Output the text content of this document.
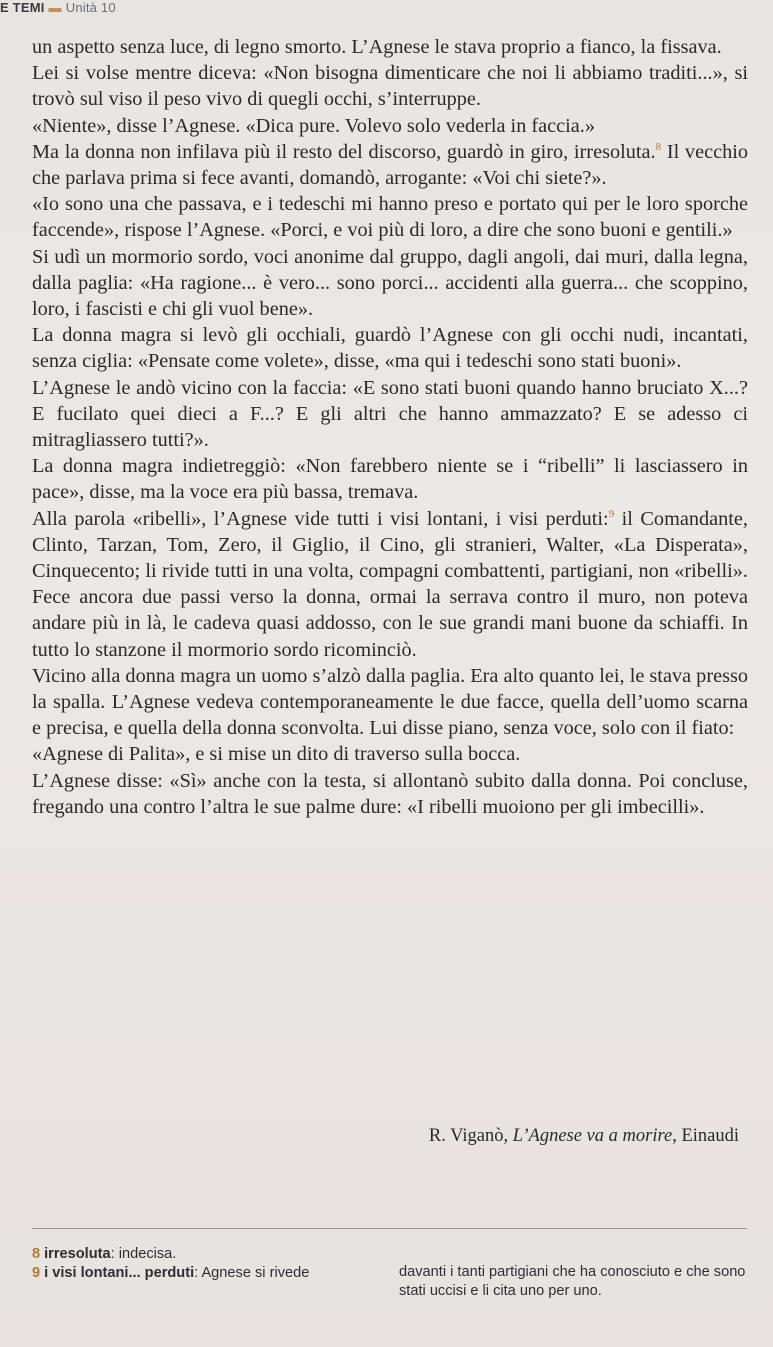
E TEMI ▬ Unità 10

un aspetto senza luce, di legno smorto. L’Agnese le stava proprio a fianco, la fissava.

Lei si volse mentre diceva: «Non bisogna dimenticare che noi li abbiamo traditi...», si trovò sul viso il peso vivo di quegli occhi, s’interruppe.

«Niente», disse l’Agnese. «Dica pure. Volevo solo vederla in faccia.»

Ma la donna non infilava più il resto del discorso, guardò in giro, irresoluta.$^8$ Il vecchio che parlava prima si fece avanti, domandò, arrogante: «Voi chi siete?».

«Io sono una che passava, e i tedeschi mi hanno preso e portato qui per le loro sporche faccende», rispose l’Agnese. «Porci, e voi più di loro, a dire che sono buoni e gentili.»

Si udì un mormorio sordo, voci anonime dal gruppo, dagli angoli, dai muri, dalla legna, dalla paglia: «Ha ragione... è vero... sono porci... accidenti alla guerra... che scoppino, loro, i fascisti e chi gli vuol bene».

La donna magra si levò gli occhiali, guardò l’Agnese con gli occhi nudi, incantati, senza ciglia: «Pensate come volete», disse, «ma qui i tedeschi sono stati buoni».

L’Agnese le andò vicino con la faccia: «E sono stati buoni quando hanno bruciato X...? E fucilato quei dieci a F...? E gli altri che hanno ammazzato? E se adesso ci mitragliassero tutti?».

La donna magra indietreggiò: «Non farebbero niente se i “ribelli” li lasciassero in pace», disse, ma la voce era più bassa, tremava.

Alla parola «ribelli», l’Agnese vide tutti i visi lontani, i visi perduti:$^9$ il Comandante, Clinto, Tarzan, Tom, Zero, il Giglio, il Cino, gli stranieri, Walter, «La Disperata», Cinquecento; li rivide tutti in una volta, compagni combattenti, partigiani, non «ribelli». Fece ancora due passi verso la donna, ormai la serrava contro il muro, non poteva andare più in là, le cadeva quasi addosso, con le sue grandi mani buone da schiaffi. In tutto lo stanzone il mormorio sordo ricominciò.

Vicino alla donna magra un uomo s’alzò dalla paglia. Era alto quanto lei, le stava presso la spalla. L’Agnese vedeva contemporaneamente le due facce, quella dell’uomo scarna e precisa, e quella della donna sconvolta. Lui disse piano, senza voce, solo con il fiato:

«Agnese di Palita», e si mise un dito di traverso sulla bocca.

L’Agnese disse: «Sì» anche con la testa, si allontanò subito dalla donna. Poi concluse, fregando una contro l’altra le sue palme dure: «I ribelli muoiono per gli imbecilli».

R. Viganò, L’Agnese va a morire, Einaudi
8 irresoluta: indecisa.
9 i visi lontani... perduti: Agnese si rivede	davanti i tanti partigiani che ha conosciuto e che sono stati uccisi e li cita uno per uno.
